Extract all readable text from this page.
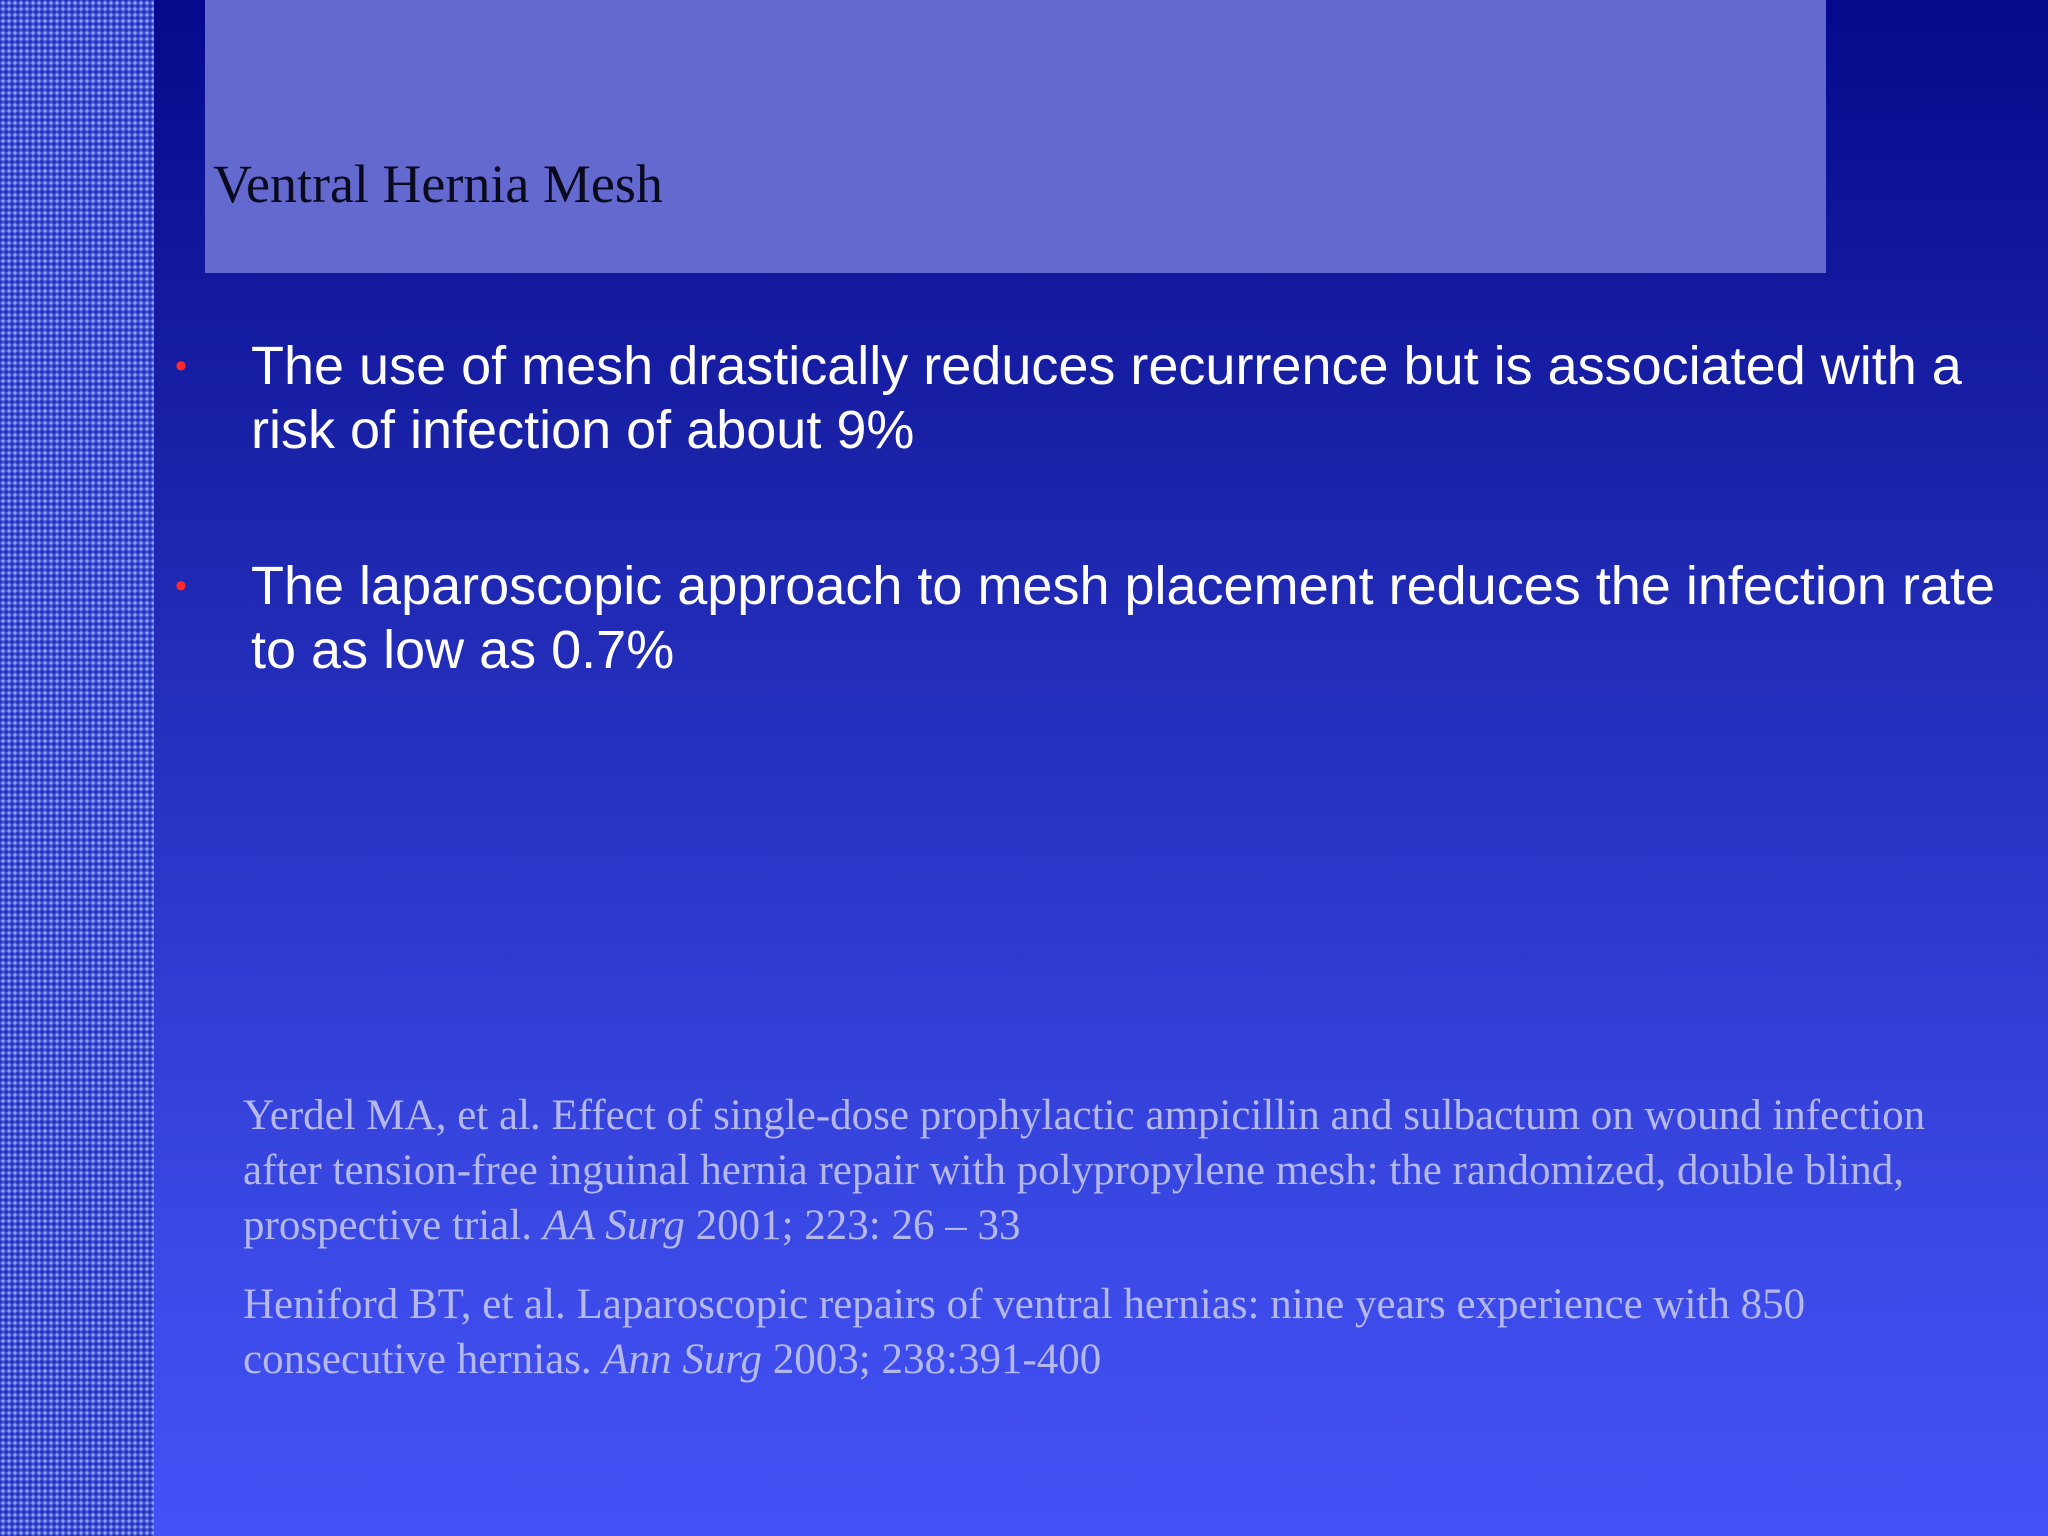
Ventral Hernia Mesh
• The use of mesh drastically reduces recurrence but is associated with a risk of infection of about 9%
• The laparoscopic approach to mesh placement reduces the infection rate to as low as 0.7%

Yerdel MA, et al. Effect of single-dose prophylactic ampicillin and sulbactum on wound infection after tension-free inguinal hernia repair with polypropylene mesh: the randomized, double blind, prospective trial. AA Surg 2001; 223: 26 – 33

Heniford BT, et al. Laparoscopic repairs of ventral hernias: nine years experience with 850 consecutive hernias. Ann Surg 2003; 238:391-400
